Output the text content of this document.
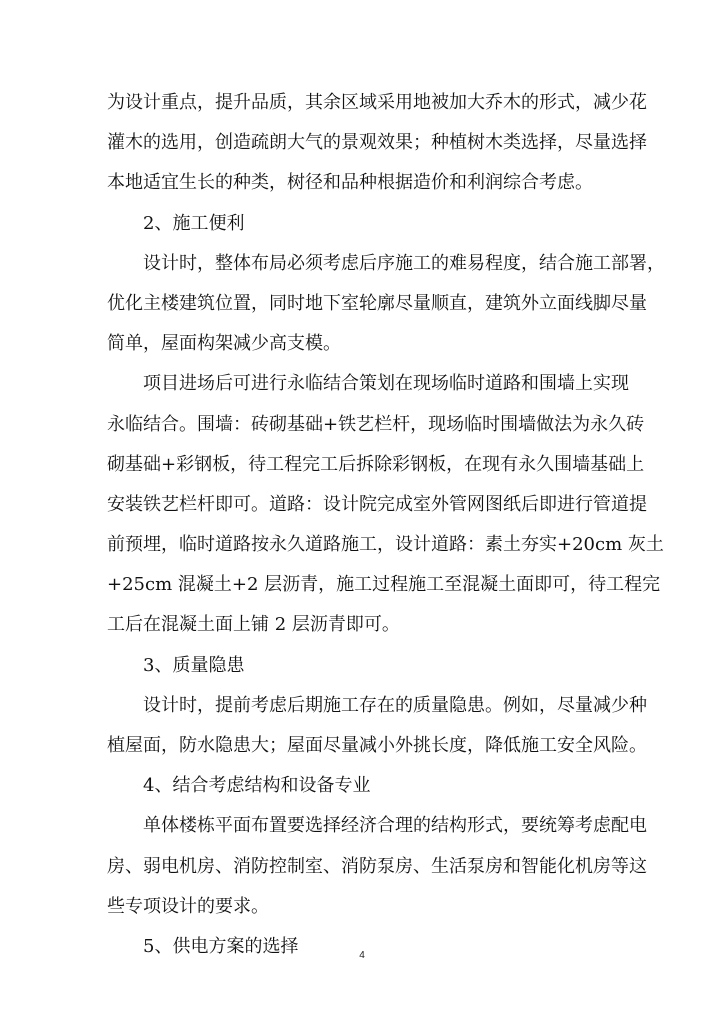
为设计重点，提升品质，其余区域采用地被加大乔木的形式，减少花
灌木的选用，创造疏朗大气的景观效果；种植树木类选择，尽量选择
本地适宜生长的种类，树径和品种根据造价和利润综合考虑。
2、施工便利
设计时，整体布局必须考虑后序施工的难易程度，结合施工部署，
优化主楼建筑位置，同时地下室轮廓尽量顺直，建筑外立面线脚尽量
简单，屋面构架减少高支模。
项目进场后可进行永临结合策划在现场临时道路和围墙上实现
永临结合。围墙：砖砌基础+铁艺栏杆，现场临时围墙做法为永久砖
砌基础+彩钢板，待工程完工后拆除彩钢板，在现有永久围墙基础上
安装铁艺栏杆即可。道路：设计院完成室外管网图纸后即进行管道提
前预埋，临时道路按永久道路施工，设计道路：素土夯实+20cm 灰土
+25cm 混凝土+2 层沥青，施工过程施工至混凝土面即可，待工程完
工后在混凝土面上铺 2 层沥青即可。
3、质量隐患
设计时，提前考虑后期施工存在的质量隐患。例如，尽量减少种
植屋面，防水隐患大；屋面尽量减小外挑长度，降低施工安全风险。
4、结合考虑结构和设备专业
单体楼栋平面布置要选择经济合理的结构形式，要统筹考虑配电
房、弱电机房、消防控制室、消防泵房、生活泵房和智能化机房等这
些专项设计的要求。
5、供电方案的选择	4
